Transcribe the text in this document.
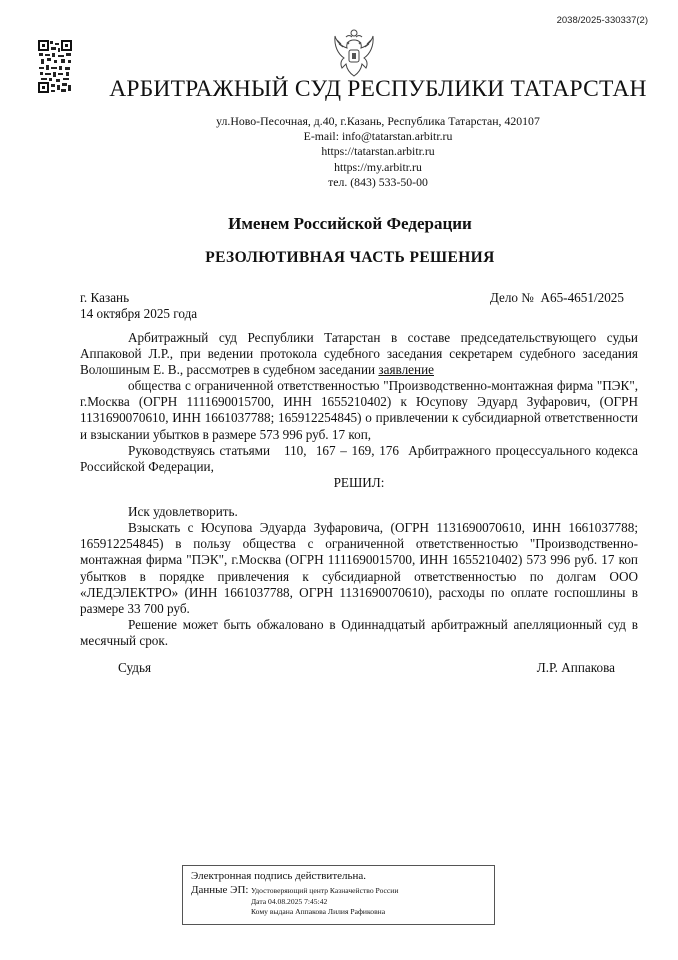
2038/2025-330337(2)
АРБИТРАЖНЫЙ СУД РЕСПУБЛИКИ ТАТАРСТАН
ул.Ново-Песочная, д.40, г.Казань, Республика Татарстан, 420107
E-mail: info@tatarstan.arbitr.ru
https://tatarstan.arbitr.ru
https://my.arbitr.ru
тел. (843) 533-50-00
Именем Российской Федерации
РЕЗОЛЮТИВНАЯ ЧАСТЬ РЕШЕНИЯ
г. Казань	Дело №  А65-4651/2025
14 октября 2025 года

Арбитражный суд Республики Татарстан в составе председательствующего судьи Аппаковой Л.Р., при ведении протокола судебного заседания секретарем судебного заседания Волошиным Е. В., рассмотрев в судебном заседании заявление

общества с ограниченной ответственностью "Производственно-монтажная фирма "ПЭК", г.Москва (ОГРН 1111690015700, ИНН 1655210402) к Юсупову Эдуард Зуфарович, (ОГРН 1131690070610, ИНН 1661037788; 165912254845) о привлечении к субсидиарной ответственности и взыскании убытков в размере 573 996 руб. 17 коп,

Руководствуясь статьями   110,  167 – 169, 176  Арбитражного процессуального кодекса Российской Федерации,

РЕШИЛ:

Иск удовлетворить.

Взыскать с Юсупова Эдуарда Зуфаровича, (ОГРН 1131690070610, ИНН 1661037788; 165912254845) в пользу общества с ограниченной ответственностью "Производственно-монтажная фирма "ПЭК", г.Москва (ОГРН 1111690015700, ИНН 1655210402) 573 996 руб. 17 коп убытков в порядке привлечения к субсидиарной ответственностью по долгам ООО «ЛЕДЭЛЕКТРО» (ИНН 1661037788, ОГРН 1131690070610), расходы по оплате госпошлины в размере 33 700 руб.

Решение может быть обжаловано в Одиннадцатый арбитражный апелляционный суд в месячный срок.

Судья	Л.Р. Аппакова
Электронная подпись действительна.
Данные ЭП: Удостоверяющий центр Казначейство России
Дата 04.08.2025 7:45:42
Кому выдана Аппакова Лилия Рафиковна
